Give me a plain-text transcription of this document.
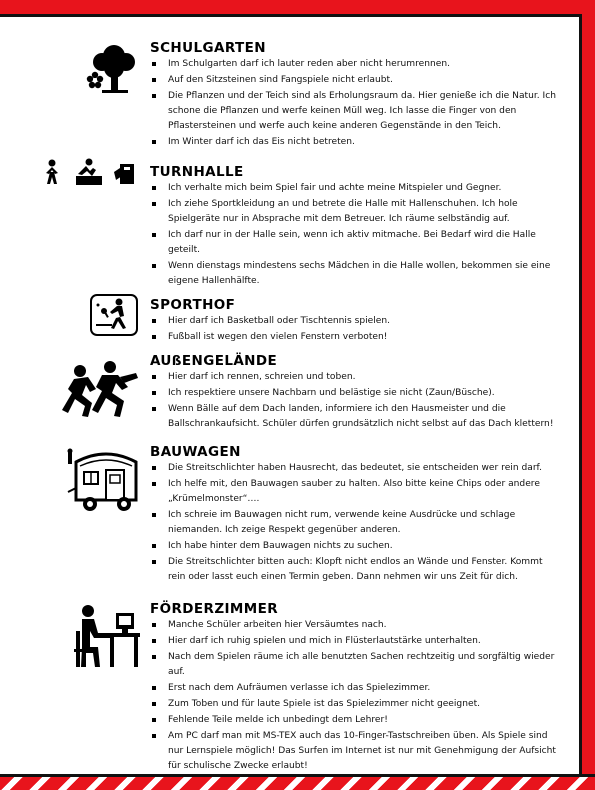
SCHULGARTEN
Im Schulgarten darf ich lauter reden aber nicht herumrennen.
Auf den Sitzsteinen sind Fangspiele nicht erlaubt.
Die Pflanzen und der Teich sind als Erholungsraum da. Hier genieße ich die Natur. Ich schone die Pflanzen und werfe keinen Müll weg. Ich lasse die Finger von den Pflastersteinen und werfe auch keine anderen Gegenstände in den Teich.
Im Winter darf ich das Eis nicht betreten.
TURNHALLE
Ich verhalte mich beim Spiel fair und achte meine Mitspieler und Gegner.
Ich ziehe Sportkleidung an und betrete die Halle mit Hallenschuhen. Ich hole Spielgeräte nur in Absprache mit dem Betreuer. Ich räume selbständig auf.
Ich darf nur in der Halle sein, wenn ich aktiv mitmache. Bei Bedarf wird die Halle geteilt.
Wenn dienstags mindestens sechs Mädchen in die Halle wollen, bekommen sie eine eigene Hallenhälfte.
SPORTHOF
Hier darf ich Basketball oder Tischtennis spielen.
Fußball ist wegen den vielen Fenstern verboten!
AUßENGELÄNDE
Hier darf ich rennen, schreien und toben.
Ich respektiere unsere Nachbarn und belästige sie nicht (Zaun/Büsche).
Wenn Bälle auf dem Dach landen, informiere ich den Hausmeister und die Ballschrankaufsicht. Schüler dürfen grundsätzlich nicht selbst auf das Dach klettern!
BAUWAGEN
Die Streitschlichter haben Hausrecht, das bedeutet, sie entscheiden wer rein darf.
Ich helfe mit, den Bauwagen sauber zu halten. Also bitte keine Chips oder andere „Krümelmonster“….
Ich schreie im Bauwagen nicht rum, verwende keine Ausdrücke und schlage niemanden. Ich zeige Respekt gegenüber anderen.
Ich habe hinter dem Bauwagen nichts zu suchen.
Die Streitschlichter bitten auch: Klopft nicht endlos an Wände und Fenster. Kommt rein oder lasst euch einen Termin geben. Dann nehmen wir uns Zeit für dich.
FÖRDERZIMMER
Manche Schüler arbeiten hier Versäumtes nach.
Hier darf ich ruhig spielen und mich in Flüsterlautstärke unterhalten.
Nach dem Spielen räume ich alle benutzten Sachen rechtzeitig und sorgfältig wieder auf.
Erst nach dem Aufräumen verlasse ich das Spielezimmer.
Zum Toben und für laute Spiele ist das Spielezimmer nicht geeignet.
Fehlende Teile melde ich unbedingt dem Lehrer!
Am PC darf man mit MS-TEX auch das 10-Finger-Tastschreiben üben. Als Spiele sind nur Lernspiele möglich! Das Surfen im Internet ist nur mit Genehmigung der Aufsicht für schulische Zwecke erlaubt!
